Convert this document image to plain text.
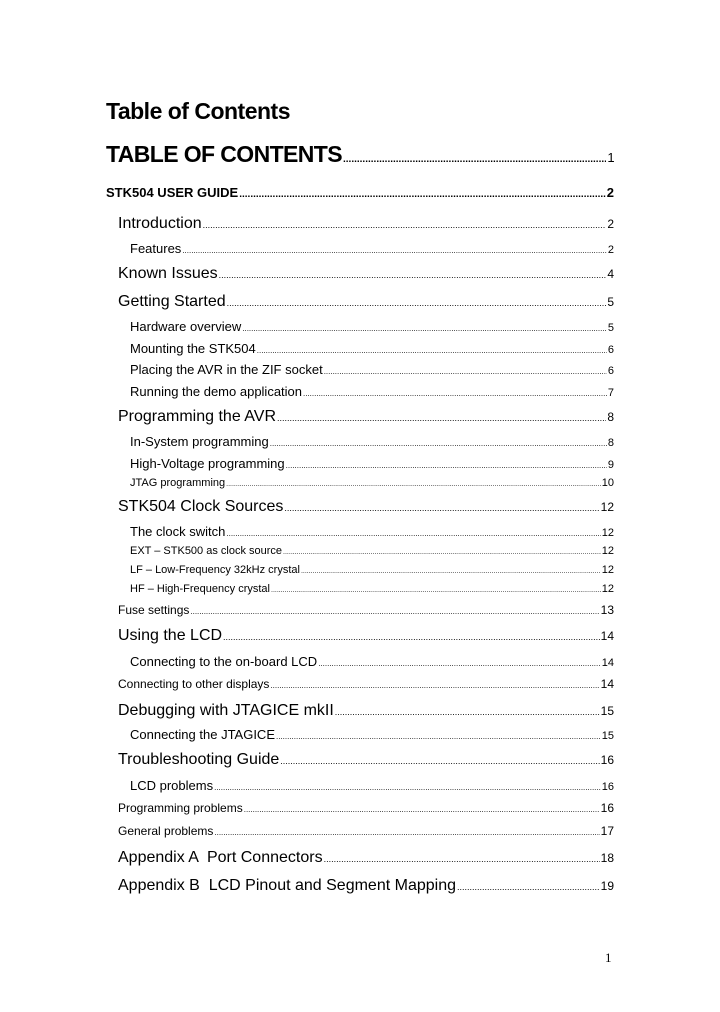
Table of Contents
TABLE OF CONTENTS .....	1
STK504 USER GUIDE .....	2
Introduction .....	2
Features .....	2
Known Issues .....	4
Getting Started .....	5
Hardware overview .....	5
Mounting the STK504 .....	6
Placing the AVR in the ZIF socket .....	6
Running the demo application .....	7
Programming the AVR .....	8
In-System programming .....	8
High-Voltage programming .....	9
JTAG programming .....	10
STK504 Clock Sources .....	12
The clock switch .....	12
EXT – STK500 as clock source .....	12
LF – Low-Frequency 32kHz crystal .....	12
HF – High-Frequency crystal .....	12
Fuse settings .....	13
Using the LCD .....	14
Connecting to the on-board LCD .....	14
Connecting to other displays .....	14
Debugging with JTAGICE mkII .....	15
Connecting the JTAGICE .....	15
Troubleshooting Guide .....	16
LCD problems .....	16
Programming problems .....	16
General problems .....	17
Appendix A  Port Connectors .....	18
Appendix B  LCD Pinout and Segment Mapping .....	19
1
